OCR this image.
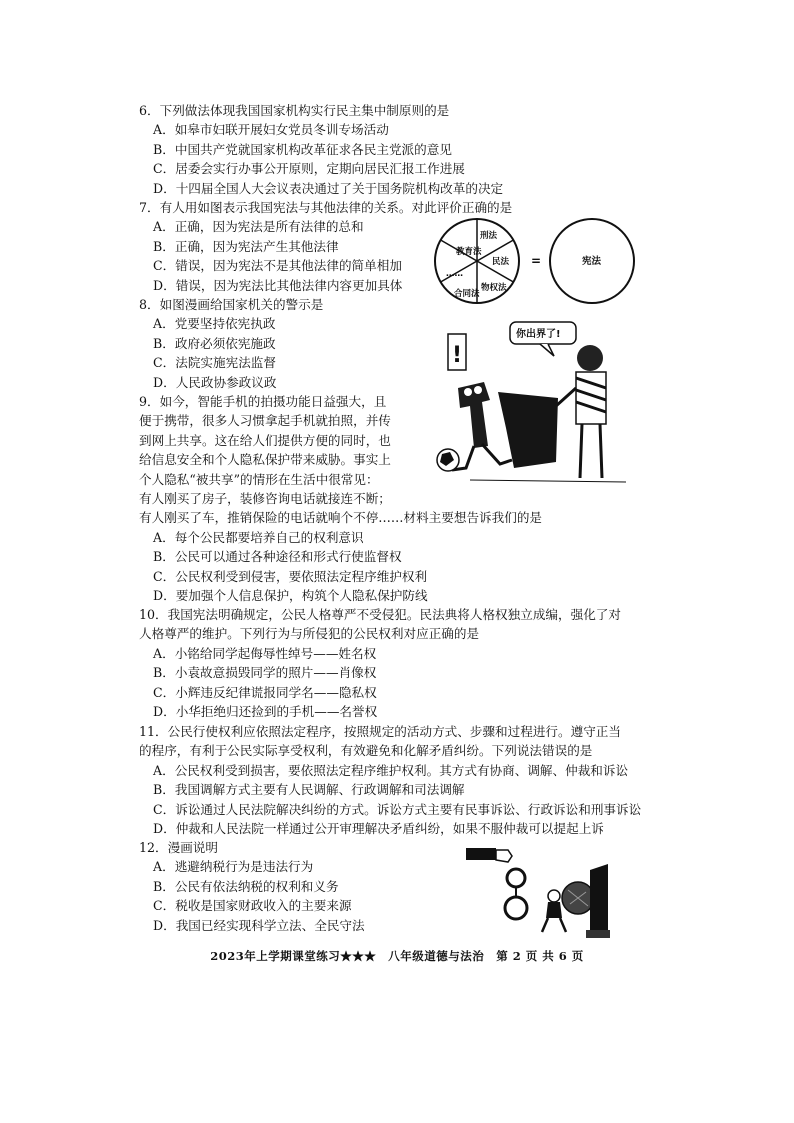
6．下列做法体现我国国家机构实行民主集中制原则的是
A．如皋市妇联开展妇女党员冬训专场活动
B．中国共产党就国家机构改革征求各民主党派的意见
C．居委会实行办事公开原则，定期向居民汇报工作进展
D．十四届全国人大会议表决通过了关于国务院机构改革的决定
7．有人用如图表示我国宪法与其他法律的关系。对此评价正确的是
A．正确，因为宪法是所有法律的总和
B．正确，因为宪法产生其他法律
C．错误，因为宪法不是其他法律的简单相加
D．错误，因为宪法比其他法律内容更加具体
教育法
刑法
民法
物权法
合同法
……
=	宪法
8．如图漫画给国家机关的警示是
A．党要坚持依宪执政
B．政府必须依宪施政
C．法院实施宪法监督
D．人民政协参政议政
你出界了!
!
9．如今，智能手机的拍摄功能日益强大，且
便于携带，很多人习惯拿起手机就拍照，并传
到网上共享。这在给人们提供方便的同时，也
给信息安全和个人隐私保护带来威胁。事实上
个人隐私“被共享”的情形在生活中很常见：
有人刚买了房子，装修咨询电话就接连不断；
有人刚买了车，推销保险的电话就响个不停……材料主要想告诉我们的是
A．每个公民都要培养自己的权利意识
B．公民可以通过各种途径和形式行使监督权
C．公民权利受到侵害，要依照法定程序维护权利
D．要加强个人信息保护，构筑个人隐私保护防线
10．我国宪法明确规定，公民人格尊严不受侵犯。民法典将人格权独立成编，强化了对
人格尊严的维护。下列行为与所侵犯的公民权利对应正确的是
A．小铭给同学起侮辱性绰号——姓名权
B．小袁故意损毁同学的照片——肖像权
C．小辉违反纪律谎报同学名——隐私权
D．小华拒绝归还捡到的手机——名誉权
11．公民行使权利应依照法定程序，按照规定的活动方式、步骤和过程进行。遵守正当
的程序，有利于公民实际享受权利，有效避免和化解矛盾纠纷。下列说法错误的是
A．公民权利受到损害，要依照法定程序维护权利。其方式有协商、调解、仲裁和诉讼
B．我国调解方式主要有人民调解、行政调解和司法调解
C．诉讼通过人民法院解决纠纷的方式。诉讼方式主要有民事诉讼、行政诉讼和刑事诉讼
D．仲裁和人民法院一样通过公开审理解决矛盾纠纷，如果不服仲裁可以提起上诉
12．漫画说明
A．逃避纳税行为是违法行为
B．公民有依法纳税的权利和义务
C．税收是国家财政收入的主要来源
D．我国已经实现科学立法、全民守法
2023年上学期课堂练习★★★　八年级道德与法治　第 2 页 共 6 页
